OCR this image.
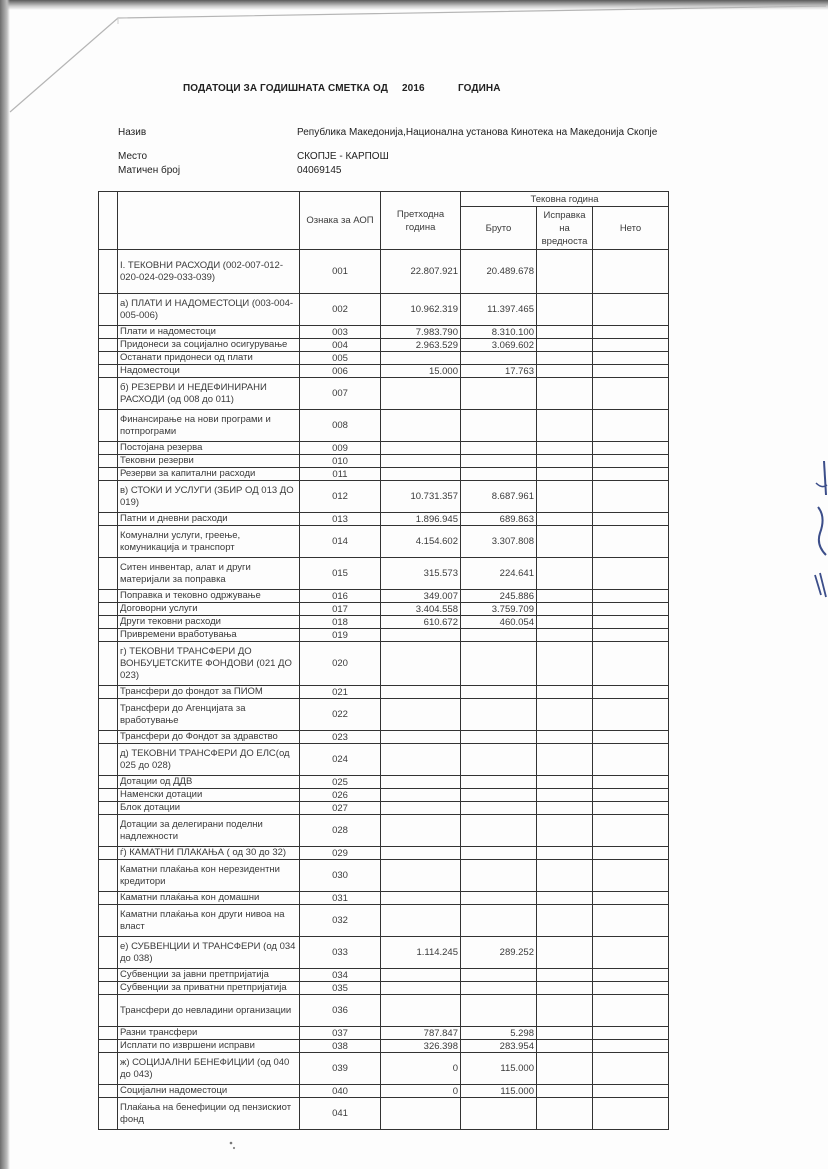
ПОДАТОЦИ ЗА ГОДИШНАТА СМЕТКА ОД 2016	ГОДИНА
Назив	Република Македонија,Национална установа Кинотека на Македонија Скопје
Место	СКОПЈЕ - КАРПОШ
Матичен број	04069145
		Ознака за АОП	Претходна година	Тековна година		
				Бруто	Исправка на вредноста	Нето
	I. ТЕКОВНИ РАСХОДИ (002-007-012-020-024-029-033-039)	001	22.807.921	20.489.678		
	а) ПЛАТИ И НАДОМЕСТОЦИ (003-004-005-006)	002	10.962.319	11.397.465		
	Плати и надоместоци	003	7.983.790	8.310.100		
	Придонеси за социјално осигурување	004	2.963.529	3.069.602		
	Останати придонеси од плати	005				
	Надоместоци	006	15.000	17.763		
	б) РЕЗЕРВИ И НЕДЕФИНИРАНИ РАСХОДИ (од 008 до 011)	007				
	Финансирање на нови програми и потпрограми	008				
	Постојана резерва	009				
	Тековни резерви	010				
	Резерви за капитални расходи	011				
	в) СТОКИ И УСЛУГИ (ЗБИР ОД 013 ДО 019)	012	10.731.357	8.687.961		
	Патни и дневни расходи	013	1.896.945	689.863		
	Комунални услуги, греење, комуникација и транспорт	014	4.154.602	3.307.808		
	Ситен инвентар, алат и други материјали за поправка	015	315.573	224.641		
	Поправка и тековно одржување	016	349.007	245.886		
	Договорни услуги	017	3.404.558	3.759.709		
	Други тековни расходи	018	610.672	460.054		
	Привремени вработувања	019				
	г) ТЕКОВНИ ТРАНСФЕРИ ДО ВОНБУЏЕТСКИТЕ ФОНДОВИ (021 ДО 023)	020				
	Трансфери до фондот за ПИОМ	021				
	Трансфери до Агенцијата за вработување	022				
	Трансфери до Фондот за здравство	023				
	д) ТЕКОВНИ ТРАНСФЕРИ ДО ЕЛС(од 025 до 028)	024				
	Дотации од ДДВ	025				
	Наменски дотации	026				
	Блок дотации	027				
	Дотации за делегирани поделни надлежности	028				
	ѓ) КАМАТНИ ПЛАКАЊА ( од 30 до 32)	029				
	Каматни плаќања кон нерезидентни кредитори	030				
	Каматни плаќања кон домашни	031				
	Каматни плаќања кон други нивоа на власт	032				
	е) СУБВЕНЦИИ И ТРАНСФЕРИ (од 034 до 038)	033	1.114.245	289.252		
	Субвенции за јавни претпријатија	034				
	Субвенции за приватни претпријатија	035				
	Трансфери до невладини организации	036				
	Разни трансфери	037	787.847	5.298		
	Исплати по извршени исправи	038	326.398	283.954		
	ж) СОЦИЈАЛНИ БЕНЕФИЦИИ (од 040 до 043)	039	0	115.000		
	Социјални надоместоци	040	0	115.000		
	Плаќања на бенефиции од пензискиот фонд	041				
